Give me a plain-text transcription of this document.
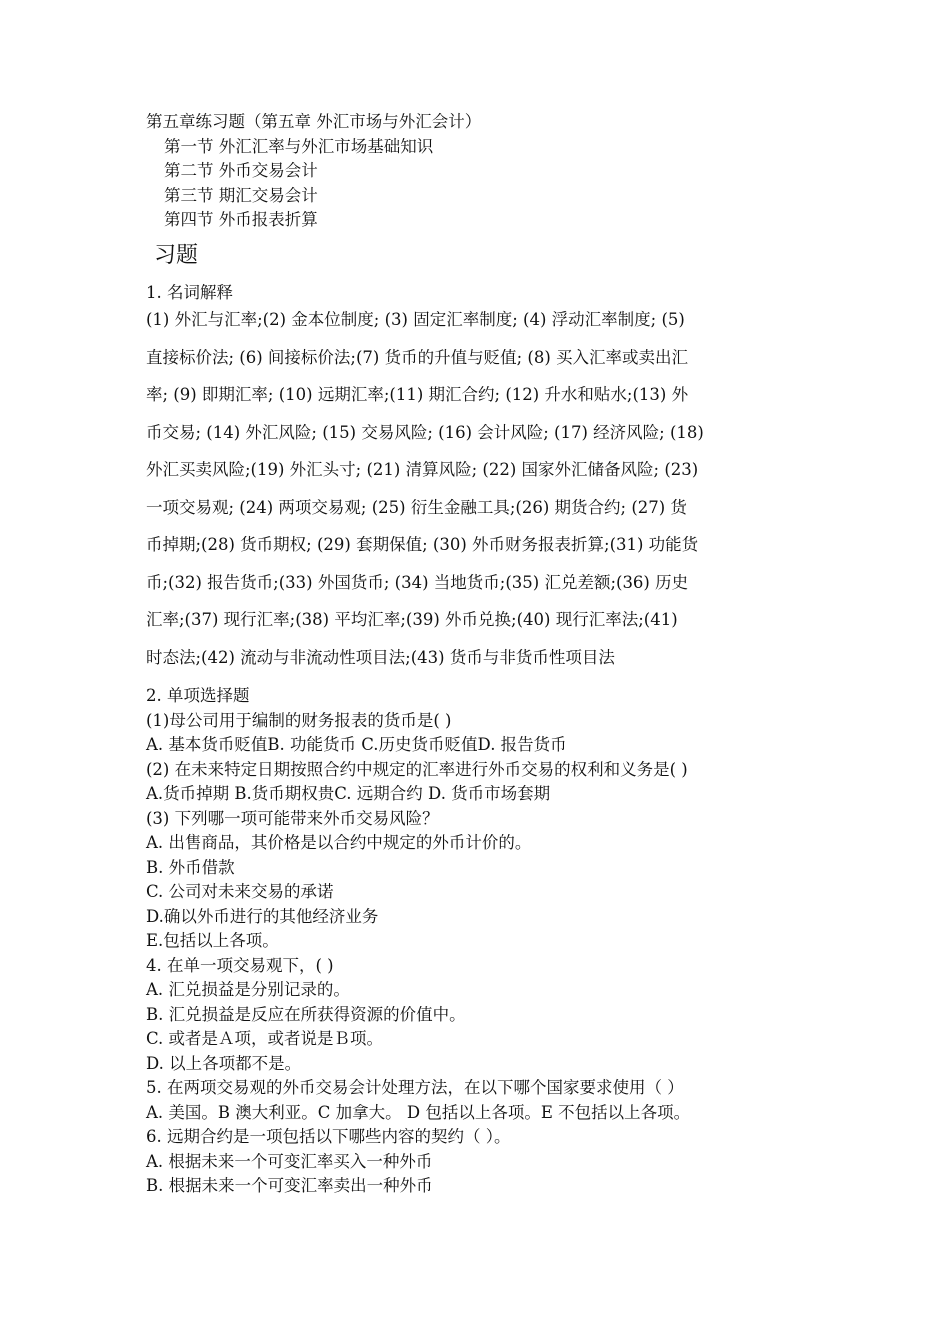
第五章练习题（第五章 外汇市场与外汇会计）
第一节 外汇汇率与外汇市场基础知识
第二节 外币交易会计
第三节 期汇交易会计
第四节 外币报表折算
习题
1. 名词解释
(1) 外汇与汇率;(2) 金本位制度; (3) 固定汇率制度; (4) 浮动汇率制度; (5)
直接标价法; (6) 间接标价法;(7) 货币的升值与贬值; (8) 买入汇率或卖出汇
率; (9) 即期汇率; (10) 远期汇率;(11) 期汇合约; (12) 升水和贴水;(13) 外
币交易; (14) 外汇风险; (15) 交易风险; (16) 会计风险; (17) 经济风险; (18)
外汇买卖风险;(19) 外汇头寸; (21) 清算风险; (22) 国家外汇储备风险; (23)
一项交易观; (24) 两项交易观; (25) 衍生金融工具;(26) 期货合约; (27) 货
币掉期;(28) 货币期权; (29) 套期保值; (30) 外币财务报表折算;(31) 功能货
币;(32) 报告货币;(33) 外国货币; (34) 当地货币;(35) 汇兑差额;(36) 历史
汇率;(37) 现行汇率;(38) 平均汇率;(39) 外币兑换;(40) 现行汇率法;(41)
时态法;(42) 流动与非流动性项目法;(43) 货币与非货币性项目法
2. 单项选择题
(1)母公司用于编制的财务报表的货币是( )
A. 基本货币贬值B. 功能货币 C.历史货币贬值D. 报告货币
(2) 在未来特定日期按照合约中规定的汇率进行外币交易的权利和义务是( )
A.货币掉期 B.货币期权贵C. 远期合约 D. 货币市场套期
(3) 下列哪一项可能带来外币交易风险？
A. 出售商品，其价格是以合约中规定的外币计价的。
B. 外币借款
C. 公司对未来交易的承诺
D.确以外币进行的其他经济业务
E.包括以上各项。
4. 在单一项交易观下，( )
A. 汇兑损益是分别记录的。
B. 汇兑损益是反应在所获得资源的价值中。
C. 或者是Ａ项，或者说是Ｂ项。
D. 以上各项都不是。
5. 在两项交易观的外币交易会计处理方法，在以下哪个国家要求使用（ ）
A. 美国。B 澳大利亚。C 加拿大。 D 包括以上各项。E 不包括以上各项。
6. 远期合约是一项包括以下哪些内容的契约（ ）。
A. 根据未来一个可变汇率买入一种外币
B. 根据未来一个可变汇率卖出一种外币
